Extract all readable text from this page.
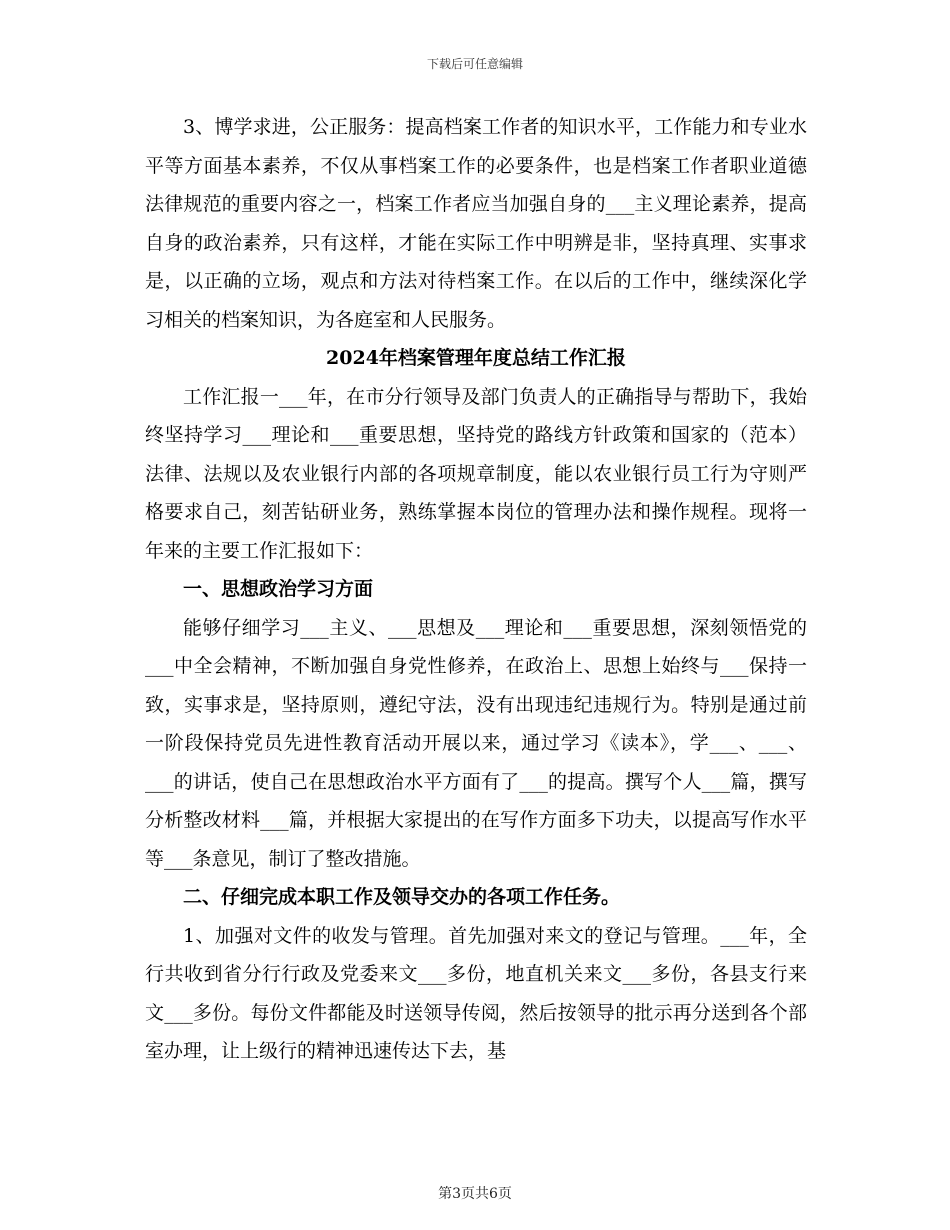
下载后可任意编辑

3、博学求进，公正服务：提高档案工作者的知识水平，工作能力和专业水平等方面基本素养，不仅从事档案工作的必要条件，也是档案工作者职业道德法律规范的重要内容之一，档案工作者应当加强自身的___主义理论素养，提高自身的政治素养，只有这样，才能在实际工作中明辨是非，坚持真理、实事求是，以正确的立场，观点和方法对待档案工作。在以后的工作中，继续深化学习相关的档案知识，为各庭室和人民服务。

2024年档案管理年度总结工作汇报

工作汇报一___年，在市分行领导及部门负责人的正确指导与帮助下，我始终坚持学习___理论和___重要思想，坚持党的路线方针政策和国家的（范本）法律、法规以及农业银行内部的各项规章制度，能以农业银行员工行为守则严格要求自己，刻苦钻研业务，熟练掌握本岗位的管理办法和操作规程。现将一年来的主要工作汇报如下：

一、思想政治学习方面

能够仔细学习___主义、___思想及___理论和___重要思想，深刻领悟党的___中全会精神，不断加强自身党性修养，在政治上、思想上始终与___保持一致，实事求是，坚持原则，遵纪守法，没有出现违纪违规行为。特别是通过前一阶段保持党员先进性教育活动开展以来，通过学习《读本》，学___、___、___的讲话，使自己在思想政治水平方面有了___的提高。撰写个人___篇，撰写分析整改材料___篇，并根据大家提出的在写作方面多下功夫，以提高写作水平等___条意见，制订了整改措施。

二、仔细完成本职工作及领导交办的各项工作任务。

1、加强对文件的收发与管理。首先加强对来文的登记与管理。___年，全行共收到省分行行政及党委来文___多份，地直机关来文___多份，各县支行来文___多份。每份文件都能及时送领导传阅，然后按领导的批示再分送到各个部室办理，让上级行的精神迅速传达下去，基

第3页共6页
